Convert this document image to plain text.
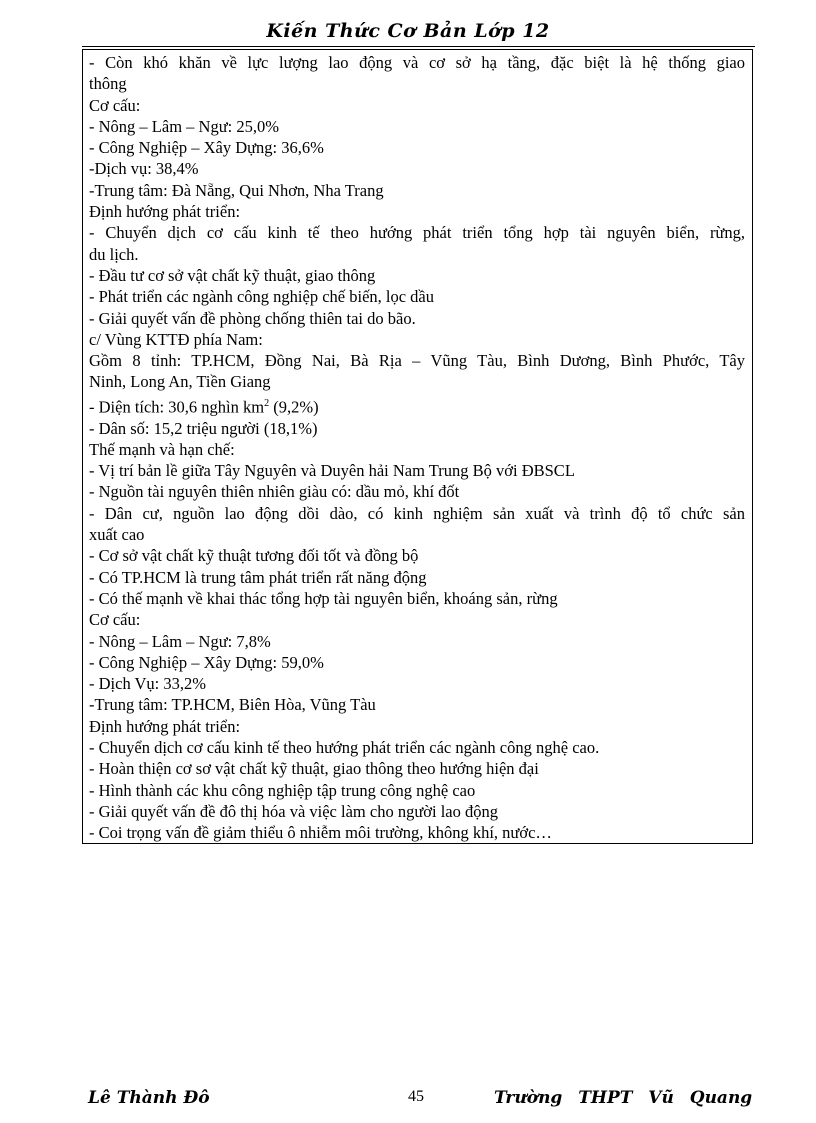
Kiến Thức Cơ Bản Lớp 12
- Còn khó khăn về lực lượng lao động và cơ sở hạ tầng, đặc biệt là hệ thống giao
thông
Cơ cấu:
- Nông – Lâm – Ngư: 25,0%
- Công Nghiệp – Xây Dựng: 36,6%
-Dịch vụ: 38,4%
-Trung tâm: Đà Nẵng, Qui Nhơn, Nha Trang
Định hướng phát triển:
- Chuyển dịch cơ cấu kinh tế theo hướng phát triển tổng hợp tài nguyên biển, rừng,
du lịch.
- Đầu tư cơ sở vật chất kỹ thuật, giao thông
- Phát triển các ngành công nghiệp chế biến, lọc dầu
- Giải quyết vấn đề phòng chống thiên tai do bão.
c/ Vùng KTTĐ phía Nam:
Gồm 8 tỉnh: TP.HCM, Đồng Nai, Bà Rịa – Vũng Tàu, Bình Dương, Bình Phước, Tây
Ninh, Long An, Tiền Giang
- Diện tích: 30,6 nghìn $km^2$ (9,2%)
- Dân số: 15,2 triệu người (18,1%)
Thế mạnh và hạn chế:
- Vị trí bản lề giữa Tây Nguyên và Duyên hải Nam Trung Bộ với ĐBSCL
- Nguồn tài nguyên thiên nhiên giàu có: dầu mỏ, khí đốt
- Dân cư, nguồn lao động dồi dào, có kinh nghiệm sản xuất và trình độ tổ chức sản
xuất cao
- Cơ sở vật chất kỹ thuật tương đối tốt và đồng bộ
- Có TP.HCM là trung tâm phát triển rất năng động
- Có thế mạnh về khai thác tổng hợp tài nguyên biển, khoáng sản, rừng
Cơ cấu:
- Nông – Lâm – Ngư: 7,8%
- Công Nghiệp – Xây Dựng: 59,0%
- Dịch Vụ: 33,2%
-Trung tâm: TP.HCM, Biên Hòa, Vũng Tàu
Định hướng phát triển:
- Chuyển dịch cơ cấu kinh tế theo hướng phát triển các ngành công nghệ cao.
- Hoàn thiện cơ sơ vật chất kỹ thuật, giao thông theo hướng hiện đại
- Hình thành các khu công nghiệp tập trung công nghệ cao
- Giải quyết vấn đề đô thị hóa và việc làm cho người lao động
- Coi trọng vấn đề giảm thiểu ô nhiễm môi trường, không khí, nước…
Lê Thành Đô	45	Trường THPT Vũ Quang
